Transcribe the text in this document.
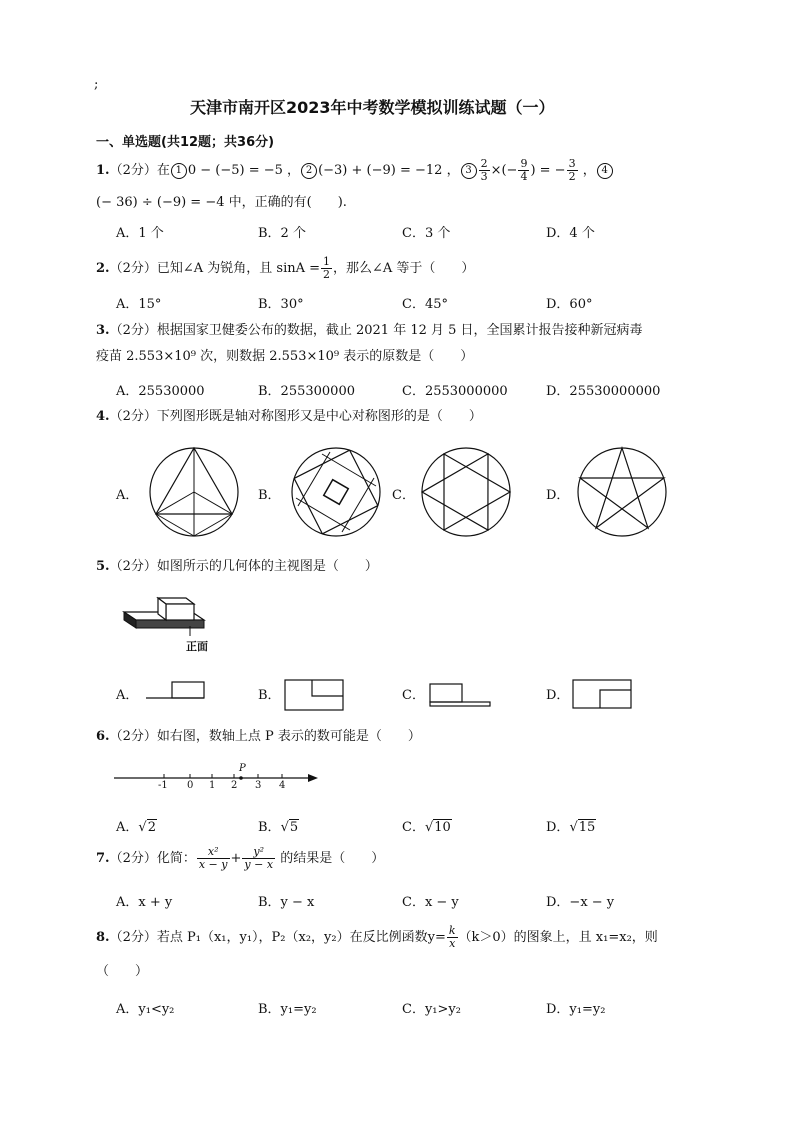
;
天津市南开区2023年中考数学模拟训练试题（一）
一、单选题(共12题；共36分)
1.（2分）在 1 0 − (−5) = −5 ， 2 (−3) + (−9) = −12 ， $3 \frac{2}{3}$ ×(− $\frac{9}{4}$ ) = − $\frac{3}{2}$ ， 4
(− 36) ÷ (−9) = −4 中，正确的有(　　).
A．1 个	B．2 个	C．3 个	D．4 个
2.（2分）已知∠A 为锐角，且 $\sin A = \frac{1}{2}$ ，那么∠A 等于（　　）
A．15°	B．30°	C．45°	D．60°
3.（2分）根据国家卫健委公布的数据，截止 2021 年 12 月 5 日，全国累计报告接种新冠病毒
疫苗 2.553×10⁹ 次，则数据 2.553×10⁹ 表示的原数是（　　）
A．25530000	B．255300000	C．2553000000	D．25530000000
4.（2分）下列图形既是轴对称图形又是中心对称图形的是（　　）
A．	B．	C．	D．
5.（2分）如图所示的几何体的主视图是（　　）
正面
A．	B．	C．	D．
6.（2分）如右图，数轴上点 P 表示的数可能是（　　）
P
-1 0 1 2 3 4
A．√2	B．√5	C．√10	D．√15
7.（2分）化简： $\frac{\text{x²}}{x - y} + \frac{\text{y²}}{y - x}$ 的结果是（　　）
A．x + y	B．y − x	C．x − y	D．−x − y
8.（2分）若点 P₁（x₁，y₁），P₂（x₂，y₂）在反比例函数$y= \frac{k}{x} (k>0)$的图象上，且 x₁=x₂，则
（　　）
A．y₁<y₂	B．y₁=y₂	C．y₁>y₂	D．y₁=y₂
